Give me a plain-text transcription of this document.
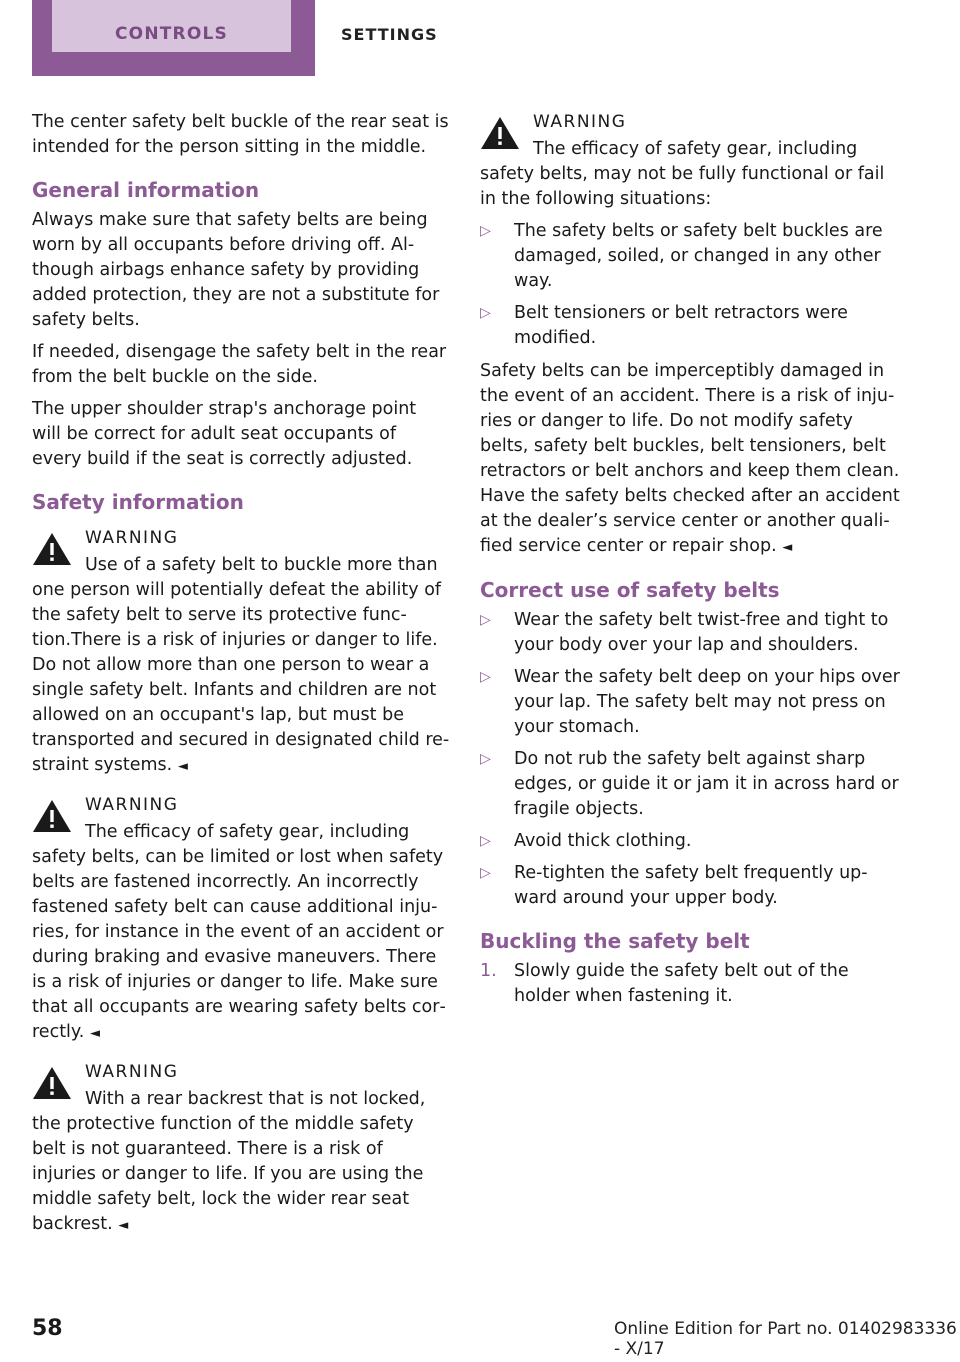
CONTROLS	SETTINGS

The center safety belt buckle of the rear seat is intended for the person sitting in the middle.

General information

Always make sure that safety belts are being worn by all occupants before driving off. Although airbags enhance safety by providing added protection, they are not a substitute for safety belts.

If needed, disengage the safety belt in the rear from the belt buckle on the side.

The upper shoulder strap's anchorage point will be correct for adult seat occupants of every build if the seat is correctly adjusted.

Safety information
WARNING

Use of a safety belt to buckle more than one person will potentially defeat the ability of the safety belt to serve its protective function.There is a risk of injuries or danger to life. Do not allow more than one person to wear a single safety belt. Infants and children are not allowed on an occupant's lap, but must be transported and secured in designated child restraint systems. ◄

WARNING

The efficacy of safety gear, including safety belts, can be limited or lost when safety belts are fastened incorrectly. An incorrectly fastened safety belt can cause additional injuries, for instance in the event of an accident or during braking and evasive maneuvers. There is a risk of injuries or danger to life. Make sure that all occupants are wearing safety belts correctly. ◄

WARNING

With a rear backrest that is not locked, the protective function of the middle safety belt is not guaranteed. There is a risk of injuries or danger to life. If you are using the middle safety belt, lock the wider rear seat backrest. ◄

WARNING

The efficacy of safety gear, including safety belts, may not be fully functional or fail in the following situations:

▷	The safety belts or safety belt buckles are damaged, soiled, or changed in any other way.
▷	Belt tensioners or belt retractors were modified.

Safety belts can be imperceptibly damaged in the event of an accident. There is a risk of injuries or danger to life. Do not modify safety belts, safety belt buckles, belt tensioners, belt retractors or belt anchors and keep them clean. Have the safety belts checked after an accident at the dealer’s service center or another qualified service center or repair shop. ◄

Correct use of safety belts
▷	Wear the safety belt twist-free and tight to your body over your lap and shoulders.
▷	Wear the safety belt deep on your hips over your lap. The safety belt may not press on your stomach.
▷	Do not rub the safety belt against sharp edges, or guide it or jam it in across hard or fragile objects.
▷	Avoid thick clothing.
▷	Re-tighten the safety belt frequently upward around your upper body.
Buckling the safety belt
1. Slowly guide the safety belt out of the holder when fastening it.
58	Online Edition for Part no. 01402983336 - X/17
